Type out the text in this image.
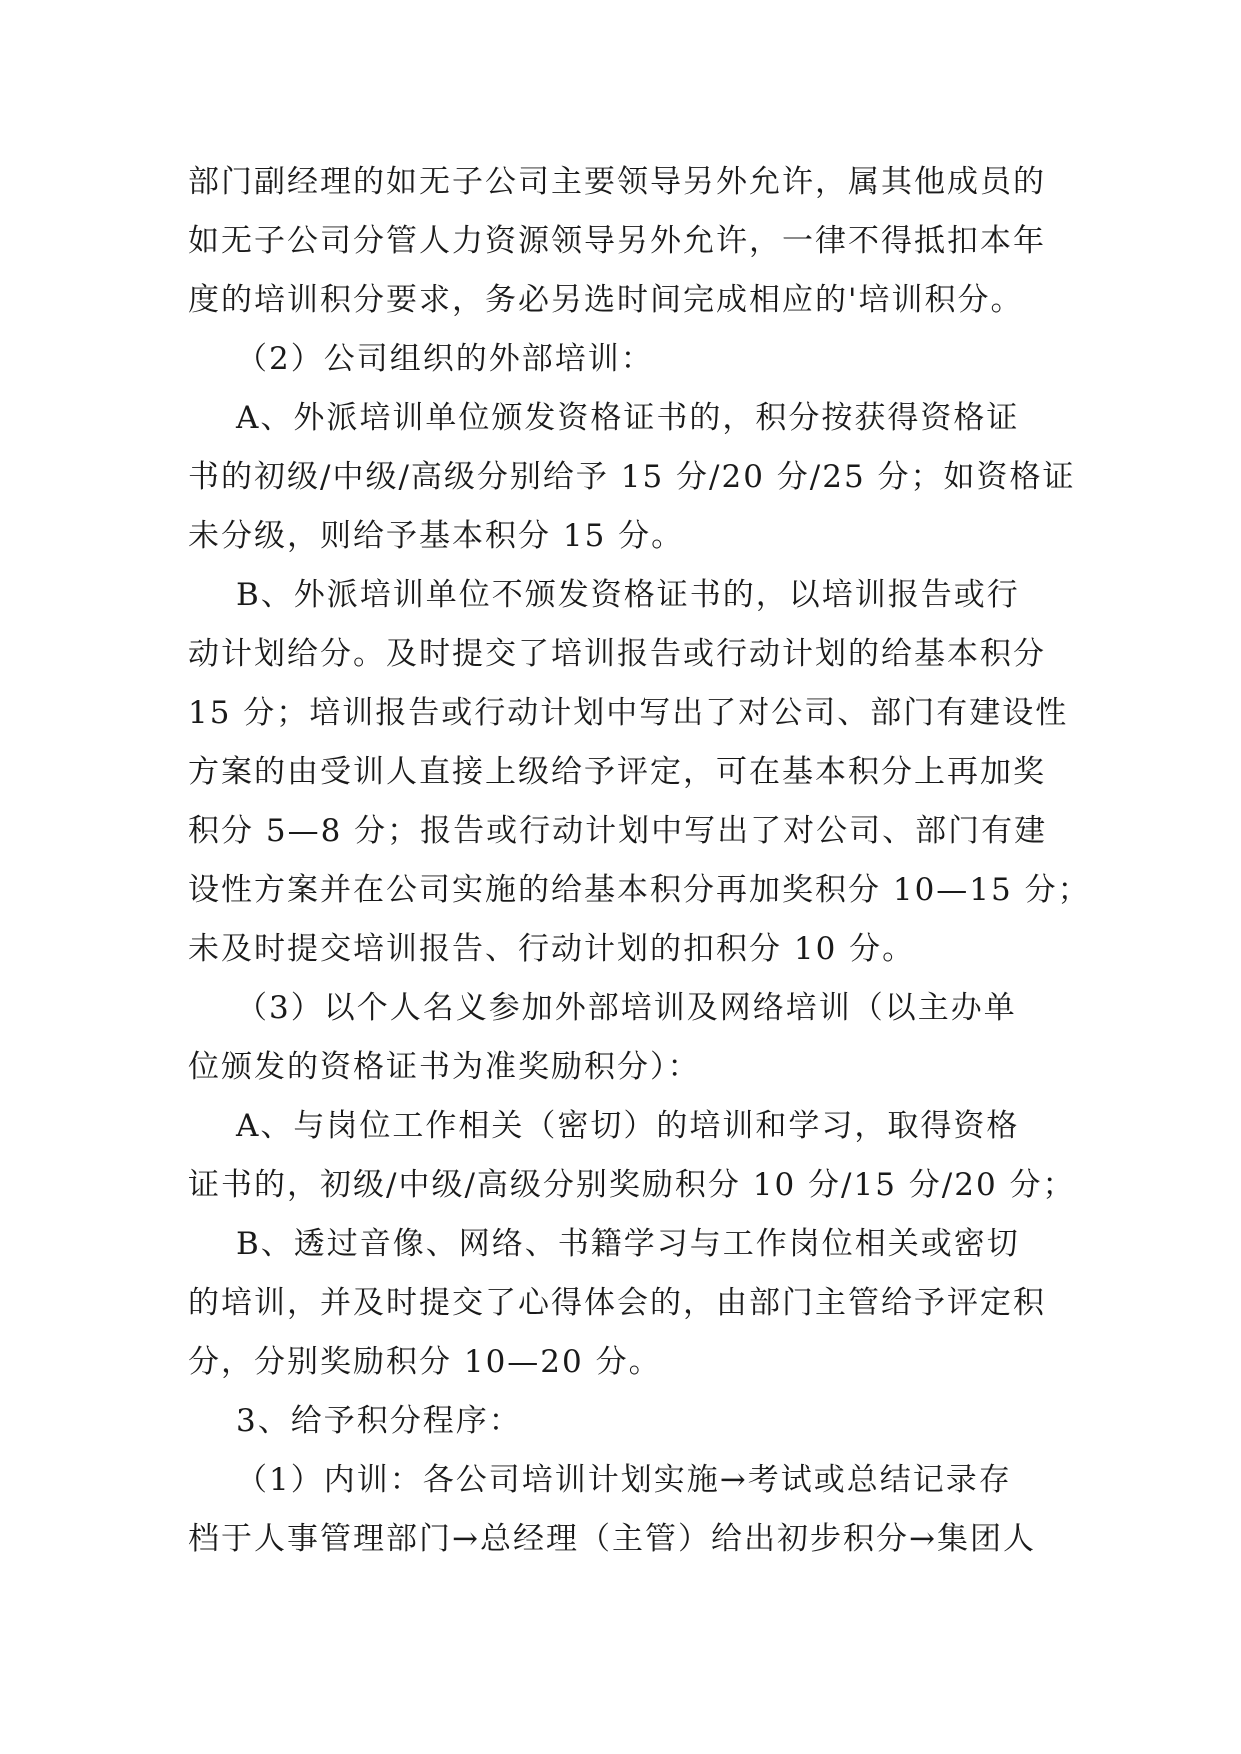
部门副经理的如无子公司主要领导另外允许，属其他成员的
如无子公司分管人力资源领导另外允许，一律不得抵扣本年
度的培训积分要求，务必另选时间完成相应的'培训积分。
（2）公司组织的外部培训：
A、外派培训单位颁发资格证书的，积分按获得资格证
书的初级/中级/高级分别给予 15 分/20 分/25 分；如资格证
未分级，则给予基本积分 15 分。
B、外派培训单位不颁发资格证书的，以培训报告或行
动计划给分。及时提交了培训报告或行动计划的给基本积分
15 分；培训报告或行动计划中写出了对公司、部门有建设性
方案的由受训人直接上级给予评定，可在基本积分上再加奖
积分 5—8 分；报告或行动计划中写出了对公司、部门有建
设性方案并在公司实施的给基本积分再加奖积分 10—15 分；
未及时提交培训报告、行动计划的扣积分 10 分。
（3）以个人名义参加外部培训及网络培训（以主办单
位颁发的资格证书为准奖励积分）：
A、与岗位工作相关（密切）的培训和学习，取得资格
证书的，初级/中级/高级分别奖励积分 10 分/15 分/20 分；
B、透过音像、网络、书籍学习与工作岗位相关或密切
的培训，并及时提交了心得体会的，由部门主管给予评定积
分，分别奖励积分 10—20 分。
3、给予积分程序：
（1）内训：各公司培训计划实施→考试或总结记录存
档于人事管理部门→总经理（主管）给出初步积分→集团人
